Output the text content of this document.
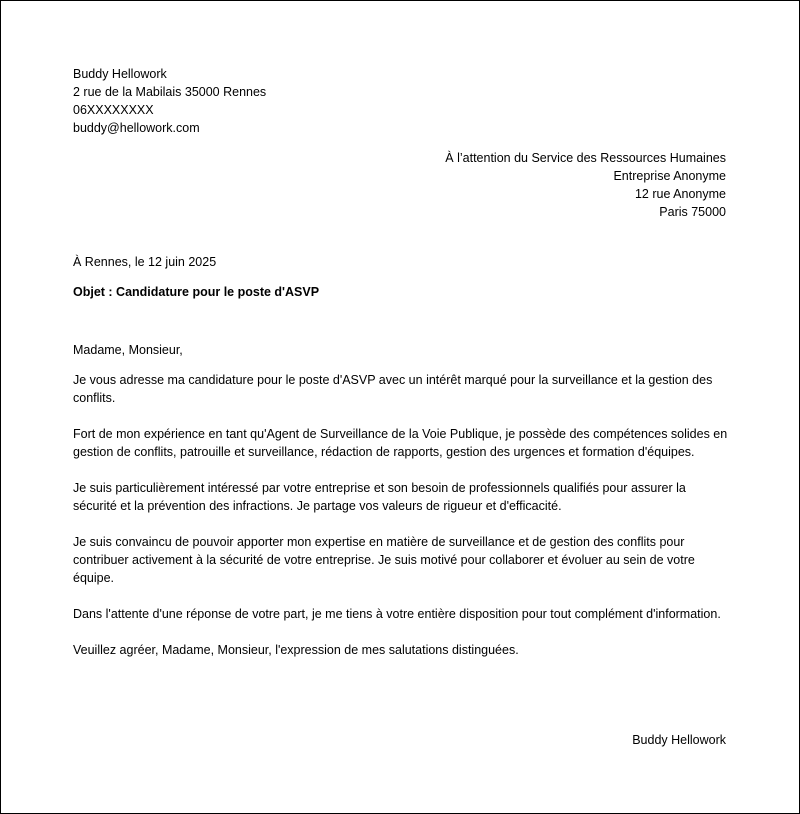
Buddy Hellowork
2 rue de la Mabilais 35000 Rennes
06XXXXXXXX
buddy@hellowork.com
À l’attention du Service des Ressources Humaines
Entreprise Anonyme
12 rue Anonyme
Paris 75000
À Rennes, le 12 juin 2025
Objet : Candidature pour le poste d'ASVP
Madame, Monsieur,

Je vous adresse ma candidature pour le poste d'ASVP avec un intérêt marqué pour la surveillance et la gestion des conflits.

Fort de mon expérience en tant qu'Agent de Surveillance de la Voie Publique, je possède des compétences solides en gestion de conflits, patrouille et surveillance, rédaction de rapports, gestion des urgences et formation d'équipes.

Je suis particulièrement intéressé par votre entreprise et son besoin de professionnels qualifiés pour assurer la sécurité et la prévention des infractions. Je partage vos valeurs de rigueur et d'efficacité.

Je suis convaincu de pouvoir apporter mon expertise en matière de surveillance et de gestion des conflits pour contribuer activement à la sécurité de votre entreprise. Je suis motivé pour collaborer et évoluer au sein de votre équipe.

Dans l'attente d'une réponse de votre part, je me tiens à votre entière disposition pour tout complément d'information.

Veuillez agréer, Madame, Monsieur, l'expression de mes salutations distinguées.

Buddy Hellowork
